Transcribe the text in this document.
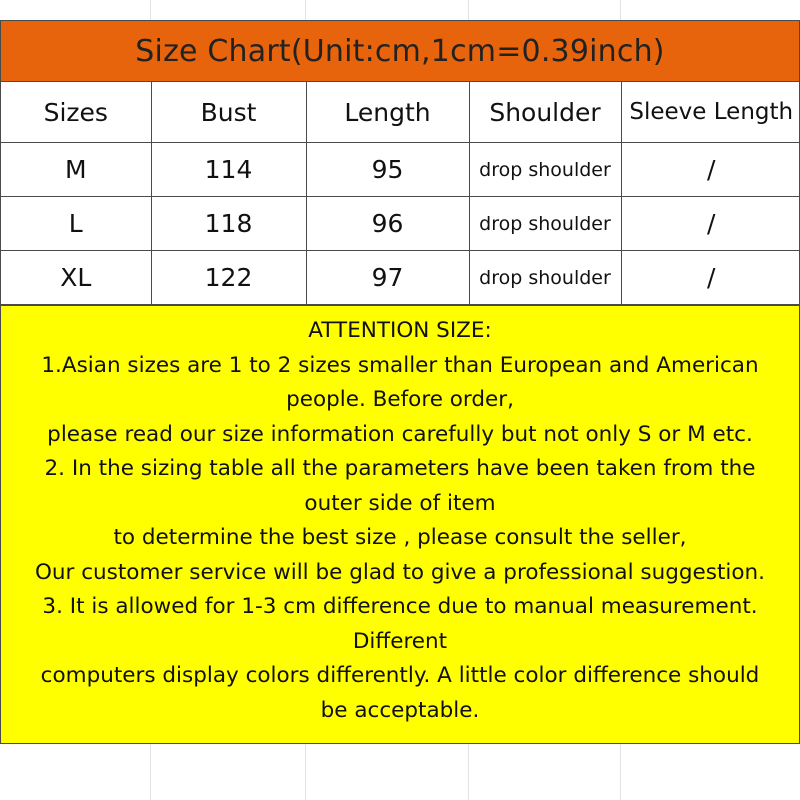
Size Chart(Unit:cm,1cm=0.39inch)
Sizes	Bust	Length	Shoulder	Sleeve Length
M	114	95	drop shoulder	/
L	118	96	drop shoulder	/
XL	122	97	drop shoulder	/
ATTENTION SIZE:
1.Asian sizes are 1 to 2 sizes smaller than European and American
people. Before order,
please read our size information carefully but not only S or M etc.
2. In the sizing table all the parameters have been taken from the
outer side of item
to determine the best size , please consult the seller,
Our customer service will be glad to give a professional suggestion.
3. It is allowed for 1-3 cm difference due to manual measurement.
Different
computers display colors differently. A little color difference should
be acceptable.
